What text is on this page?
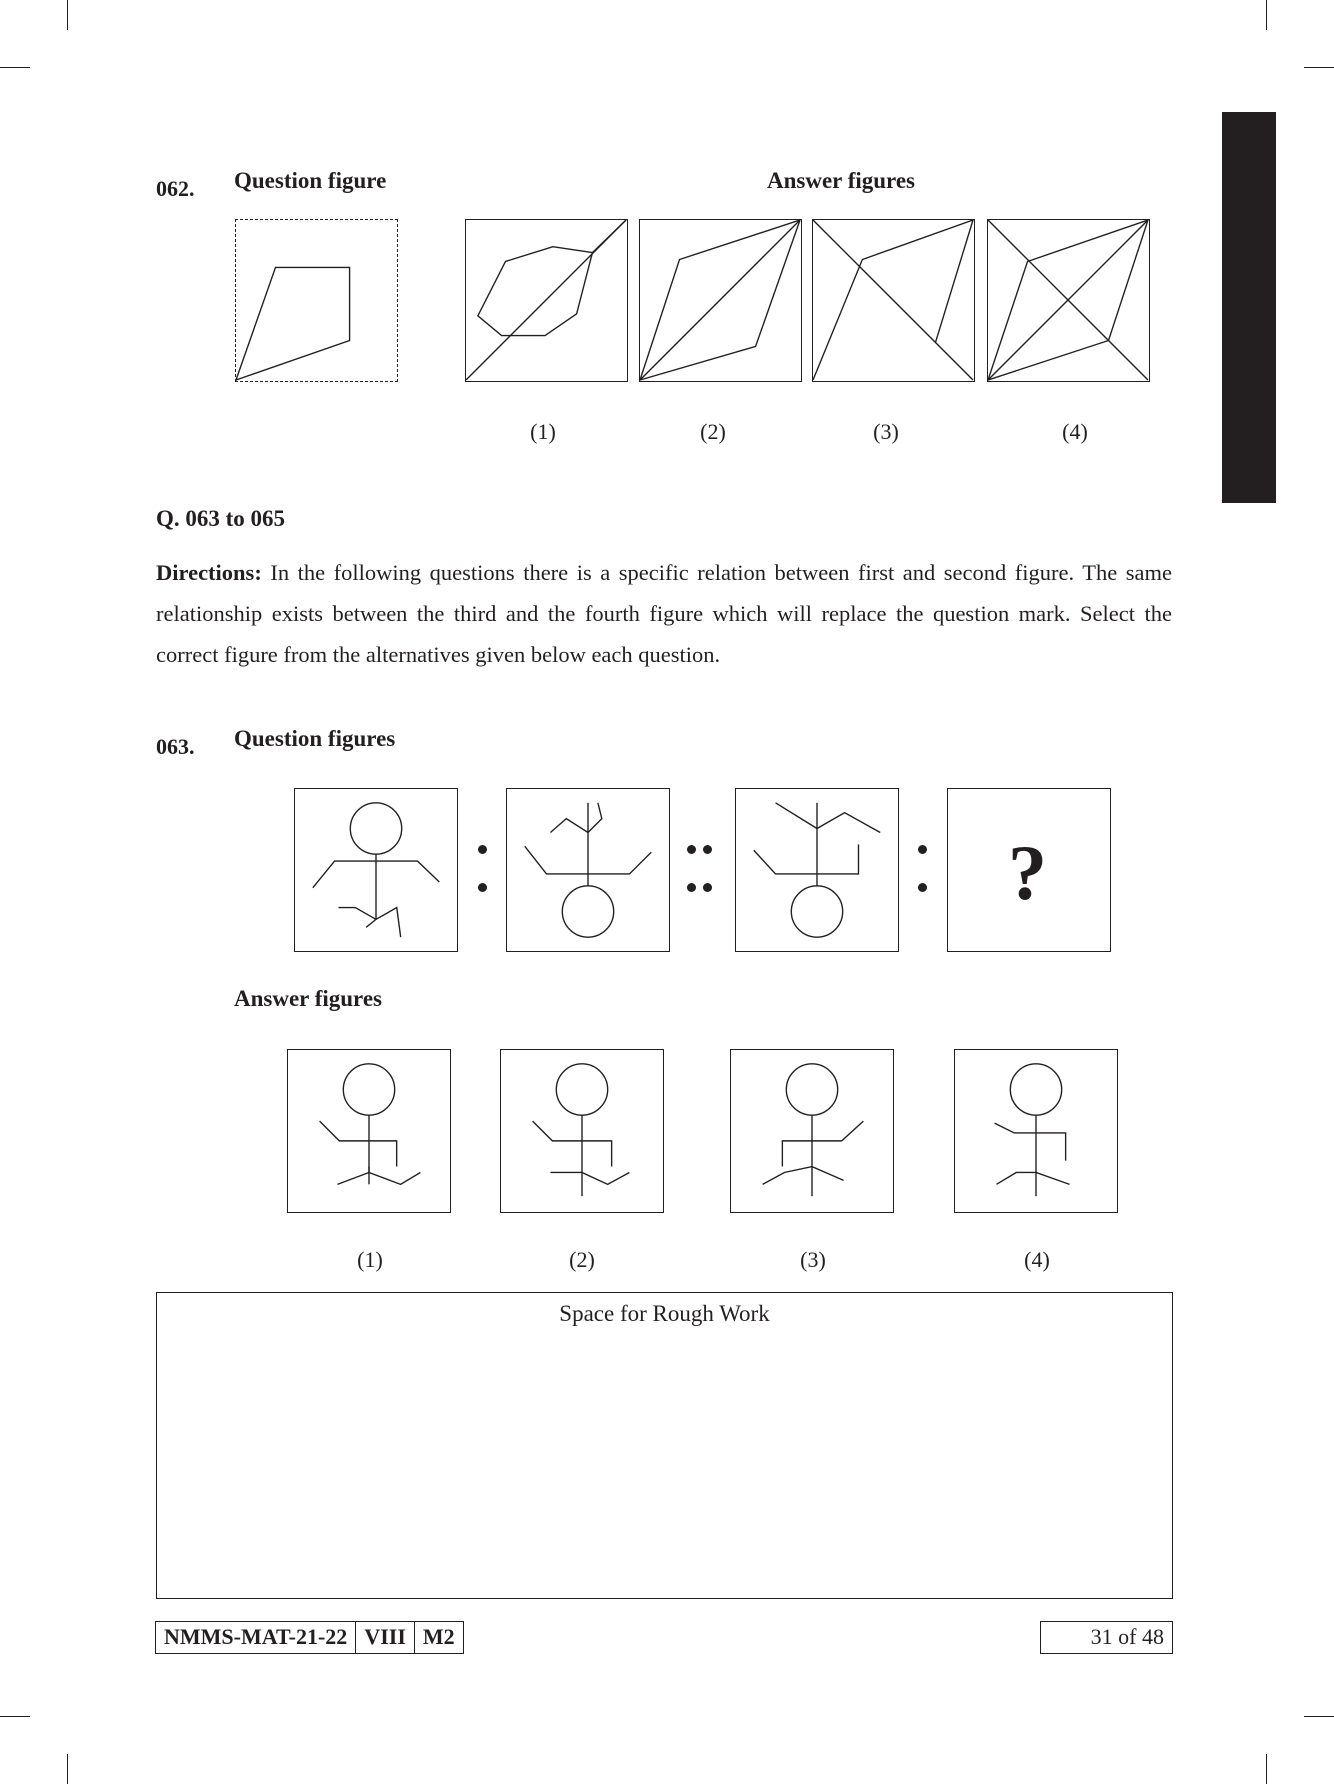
062. Question figure	Answer figures
(1)	(2)	(3)	(4)
Q. 063 to 065
Directions: In the following questions there is a specific relation between first and second figure. The same relationship exists between the third and the fourth figure which will replace the question mark. Select the correct figure from the alternatives given below each question.
063. Question figures
?
Answer figures
(1)	(2)	(3)	(4)
Space for Rough Work
NMMS-MAT-21-22 VIII M2	31 of 48
